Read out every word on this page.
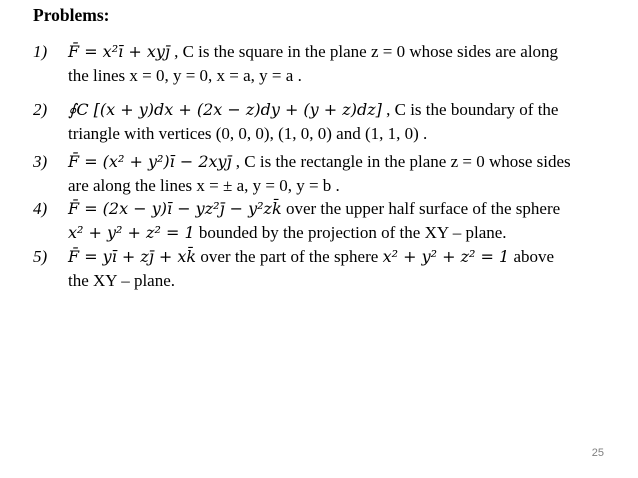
Problems:
1) F̄ = x²ī + xyj̄ , C is the square in the plane z = 0 whose sides are along
the lines x = 0, y = 0, x = a, y = a .
2) ∮C [(x + y)dx + (2x − z)dy + (y + z)dz] , C is the boundary of the
triangle with vertices (0, 0, 0), (1, 0, 0) and (1, 1, 0) .
3) F̄ = (x² + y²)ī − 2xyj̄ , C is the rectangle in the plane z = 0 whose sides
are along the lines x = ± a, y = 0, y = b .
4) F̄ = (2x − y)ī − yz²j̄ − y²zk̄ over the upper half surface of the sphere
x² + y² + z² = 1 bounded by the projection of the XY – plane.
5) F̄ = yī + zj̄ + xk̄ over the part of the sphere x² + y² + z² = 1 above
the XY – plane.
25
